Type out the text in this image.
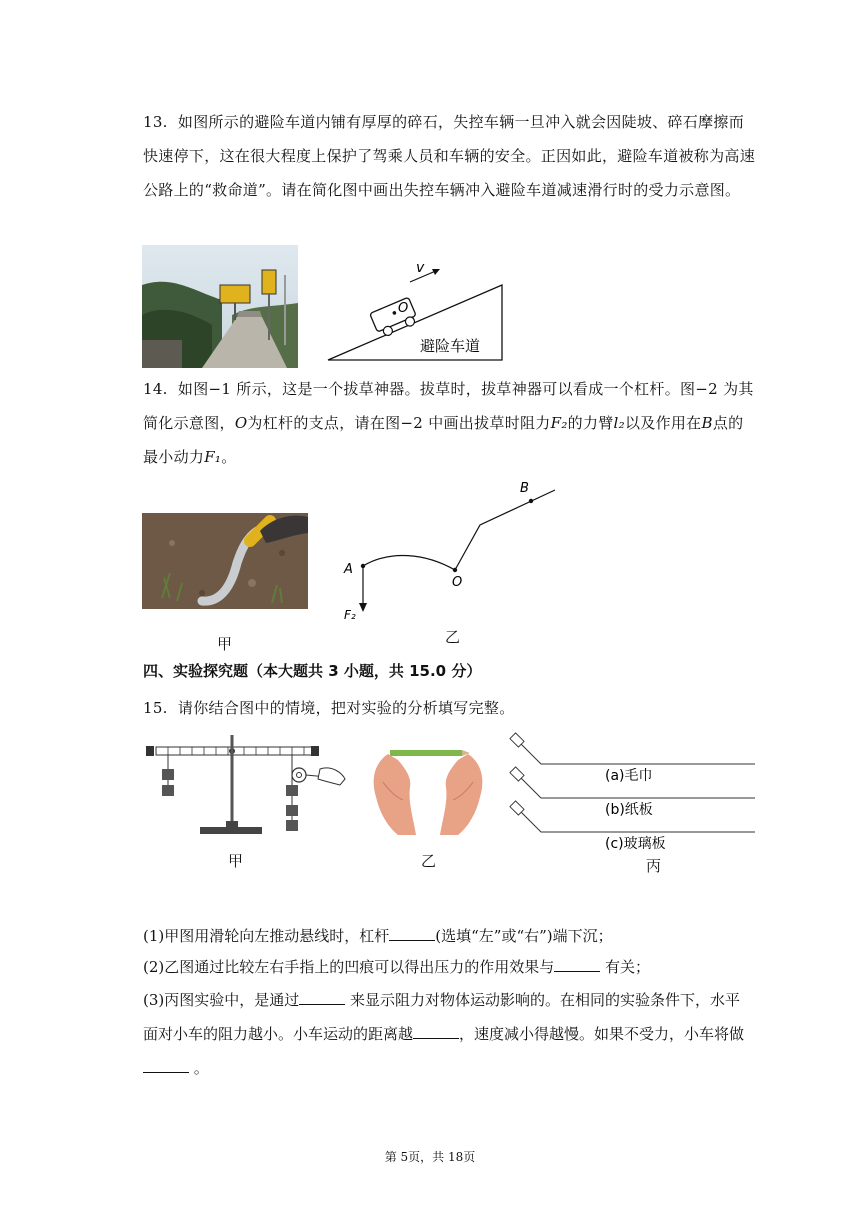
13. 如图所示的避险车道内铺有厚厚的碎石，失控车辆一旦冲入就会因陡坡、碎石摩擦而快速停下，这在很大程度上保护了驾乘人员和车辆的安全。正因如此，避险车道被称为高速公路上的“救命道”。请在简化图中画出失控车辆冲入避险车道减速滑行时的受力示意图。
v
O
避险车道
14. 如图−1 所示，这是一个拔草神器。拔草时，拔草神器可以看成一个杠杆。图−2 为其简化示意图，O为杠杆的支点，请在图−2 中画出拔草时阻力F₂的力臂l₂以及作用在B点的最小动力F₁。
A
O
B
F₂
甲	乙
四、实验探究题（本大题共 3 小题，共 15.0 分）
15. 请你结合图中的情境，把对实验的分析填写完整。
甲	乙
(a)毛巾
(b)纸板
(c)玻璃板
丙
(1)甲图用滑轮向左推动悬线时，杠杆	(选填“左”或“右”)端下沉；
(2)乙图通过比较左右手指上的凹痕可以得出压力的作用效果与	有关；
(3)丙图实验中，是通过	来显示阻力对物体运动影响的。在相同的实验条件下，水平面对小车的阻力越小。小车运动的距离越	，速度减小得越慢。如果不受力，小车将做
。
第 5页，共 18页
